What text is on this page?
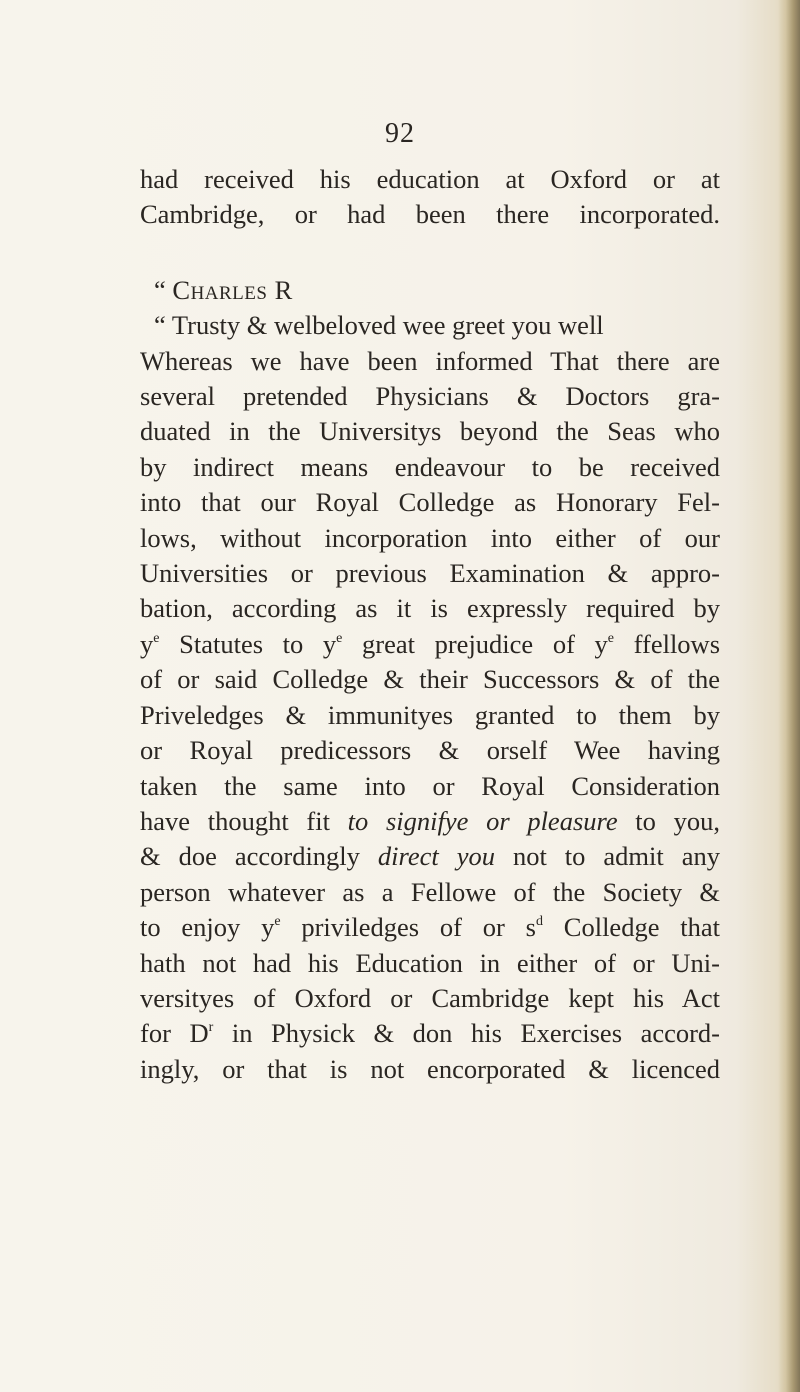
92
had received his education at Oxford or at
Cambridge, or had been there incorporated.
“ Charles R
“ Trusty & welbeloved wee greet you well
Whereas we have been informed That there are
several pretended Physicians & Doctors gra-
duated in the Universitys beyond the Seas who
by indirect means endeavour to be received
into that our Royal Colledge as Honorary Fel-
lows, without incorporation into either of our
Universities or previous Examination & appro-
bation, according as it is expressly required by
$y^e$ Statutes to $y^e$ great prejudice of $y^e$ ffellows
of or said Colledge & their Successors & of the
Priveledges & immunityes granted to them by
or Royal predicessors & orself Wee having
taken the same into or Royal Consideration
have thought fit to signifye or pleasure to you,
& doe accordingly direct you not to admit any
person whatever as a Fellowe of the Society &
to enjoy $y^e$ priviledges of or $s^d$ Colledge that
hath not had his Education in either of or Uni-
versityes of Oxford or Cambridge kept his Act
for $D^r$ in Physick & don his Exercises accord-
ingly, or that is not encorporated & licenced
